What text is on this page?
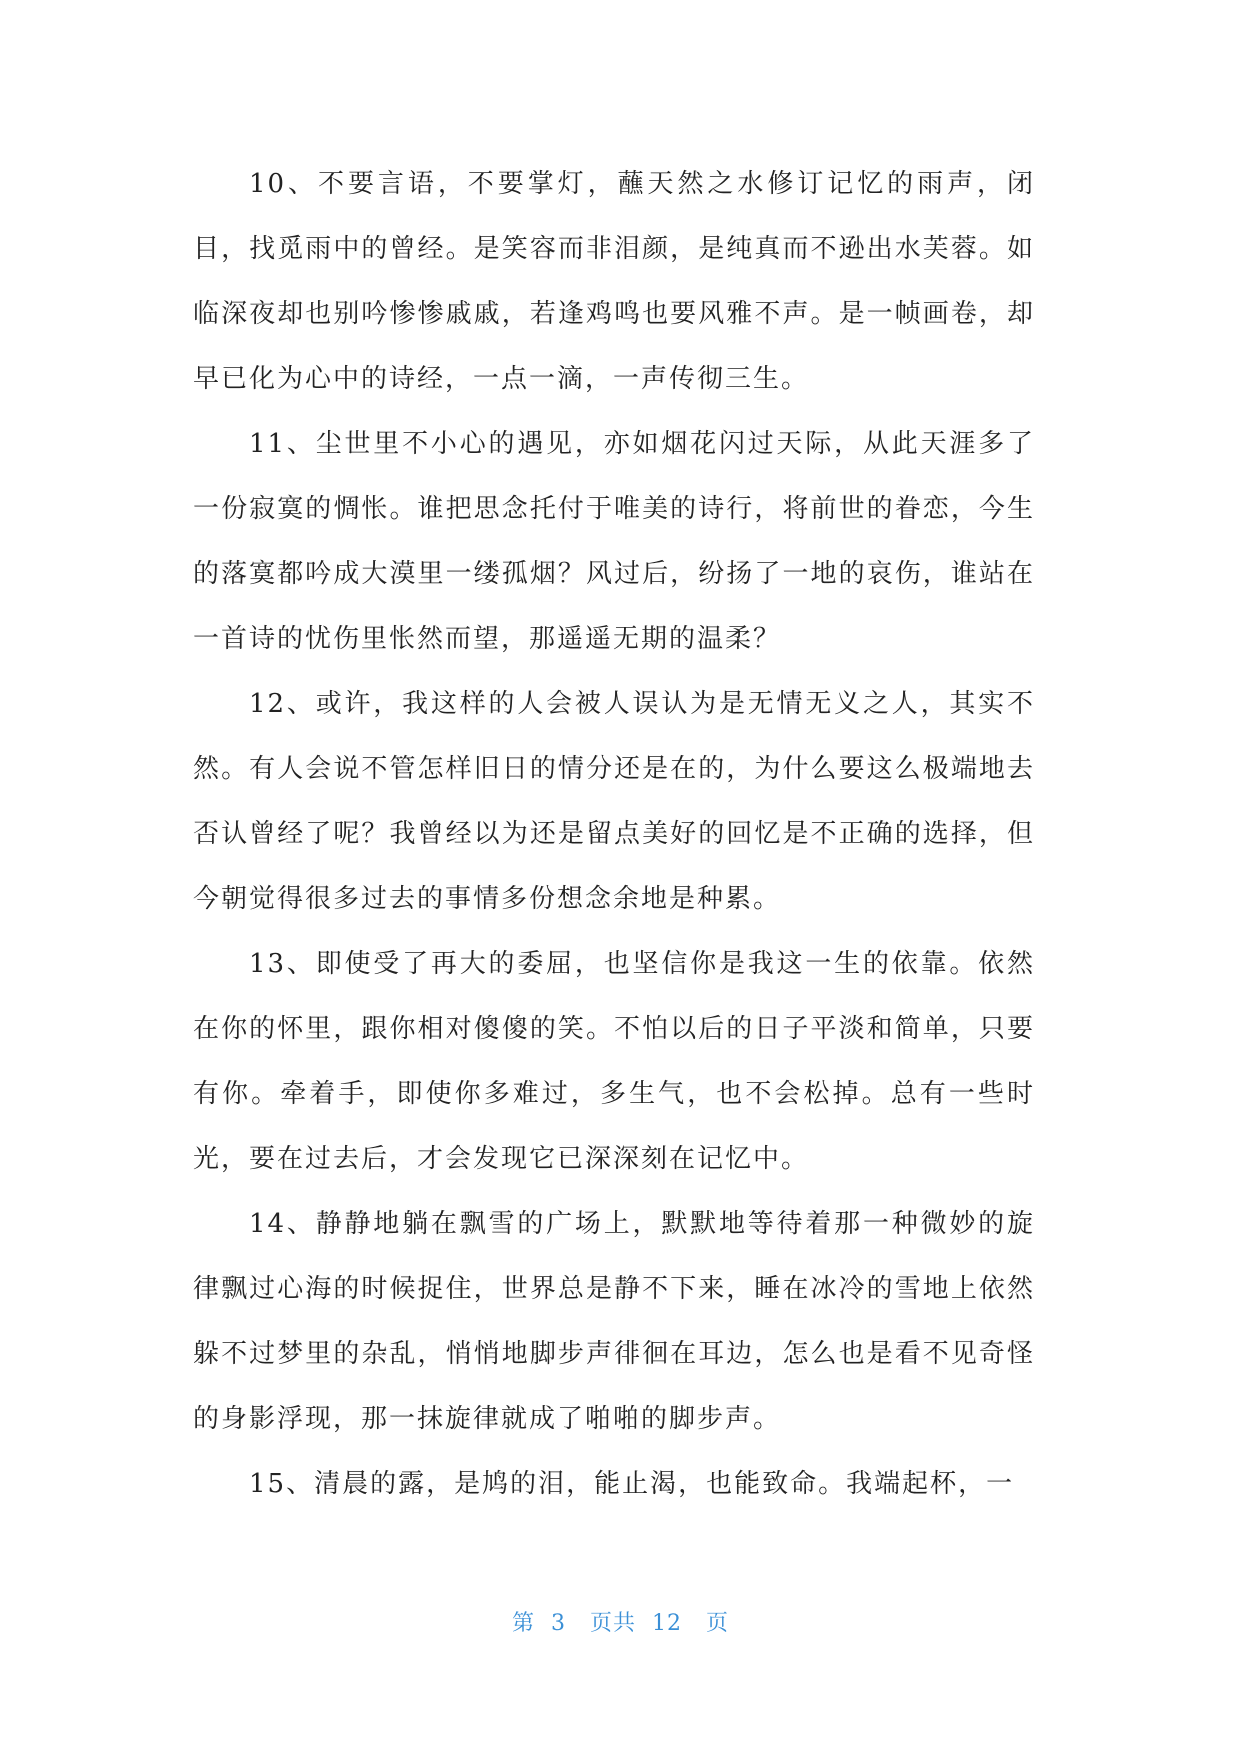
10、不要言语，不要掌灯，蘸天然之水修订记忆的雨声，闭目，找觅雨中的曾经。是笑容而非泪颜，是纯真而不逊出水芙蓉。如临深夜却也别吟惨惨戚戚，若逢鸡鸣也要风雅不声。是一帧画卷，却早已化为心中的诗经，一点一滴，一声传彻三生。

11、尘世里不小心的遇见，亦如烟花闪过天际，从此天涯多了一份寂寞的惆怅。谁把思念托付于唯美的诗行，将前世的眷恋，今生的落寞都吟成大漠里一缕孤烟？风过后，纷扬了一地的哀伤，谁站在一首诗的忧伤里怅然而望，那遥遥无期的温柔？

12、或许，我这样的人会被人误认为是无情无义之人，其实不然。有人会说不管怎样旧日的情分还是在的，为什么要这么极端地去否认曾经了呢？我曾经以为还是留点美好的回忆是不正确的选择，但今朝觉得很多过去的事情多份想念余地是种累。

13、即使受了再大的委屈，也坚信你是我这一生的依靠。依然在你的怀里，跟你相对傻傻的笑。不怕以后的日子平淡和简单，只要有你。牵着手，即使你多难过，多生气，也不会松掉。总有一些时光，要在过去后，才会发现它已深深刻在记忆中。

14、静静地躺在飘雪的广场上，默默地等待着那一种微妙的旋律飘过心海的时候捉住，世界总是静不下来，睡在冰冷的雪地上依然躲不过梦里的杂乱，悄悄地脚步声徘徊在耳边，怎么也是看不见奇怪的身影浮现，那一抹旋律就成了啪啪的脚步声。

15、清晨的露，是鸠的泪，能止渴，也能致命。我端起杯，一

第 3 页共 12 页
